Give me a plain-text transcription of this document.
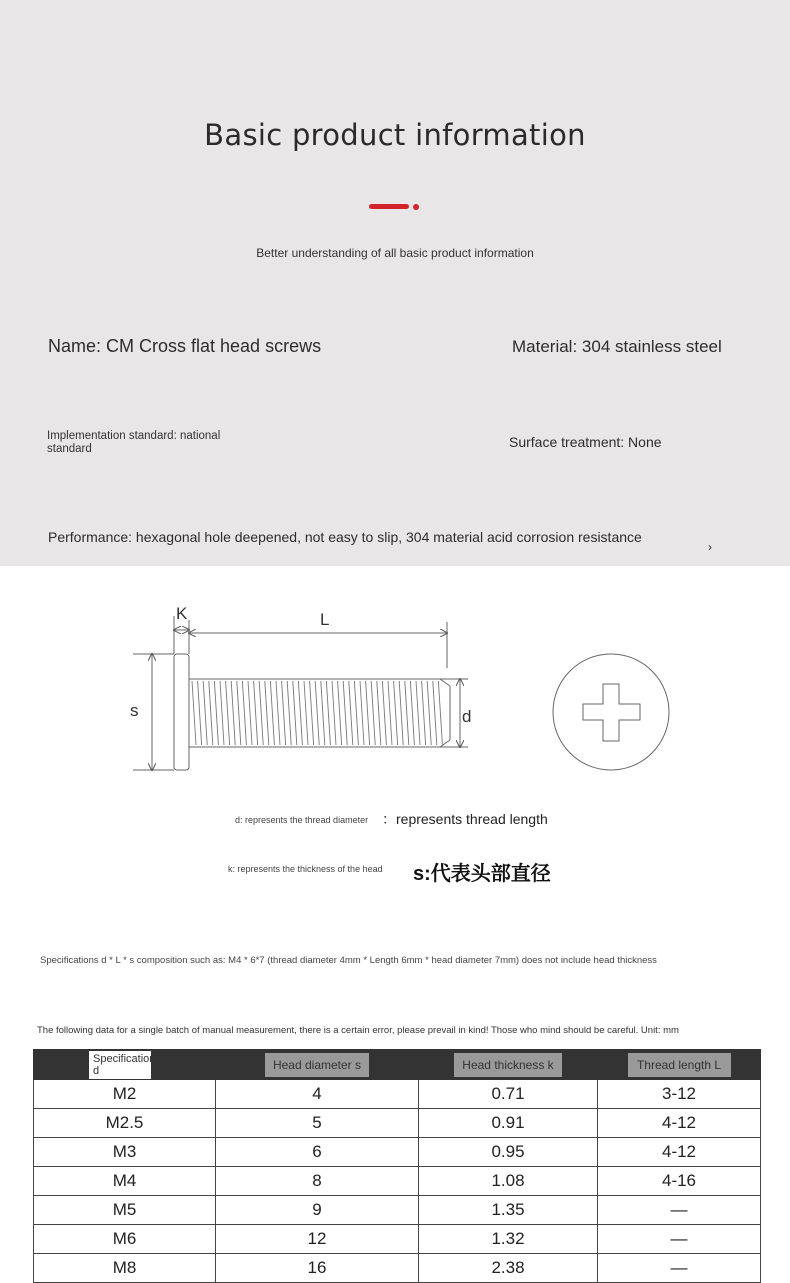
Basic product information
Better understanding of all basic product information
Name: CM Cross flat head screws	Material: 304 stainless steel
Implementation standard: national standard	Surface treatment: None
Performance: hexagonal hole deepened, not easy to slip, 304 material acid corrosion resistance
›
K	L
s	d
d: represents the thread diameter ：represents thread length
k: represents the thickness of the head s:代表头部直径
Specifications d * L * s composition such as: M4 * 6*7 (thread diameter 4mm * Length 6mm * head diameter 7mm) does not include head thickness
The following data for a single batch of manual measurement, there is a certain error, please prevail in kind! Those who mind should be careful. Unit: mm
Specification d	Head diameter s	Head thickness k	Thread length L
M2	4	0.71	3-12
M2.5	5	0.91	4-12
M3	6	0.95	4-12
M4	8	1.08	4-16
M5	9	1.35	—
M6	12	1.32	—
M8	16	2.38	—
